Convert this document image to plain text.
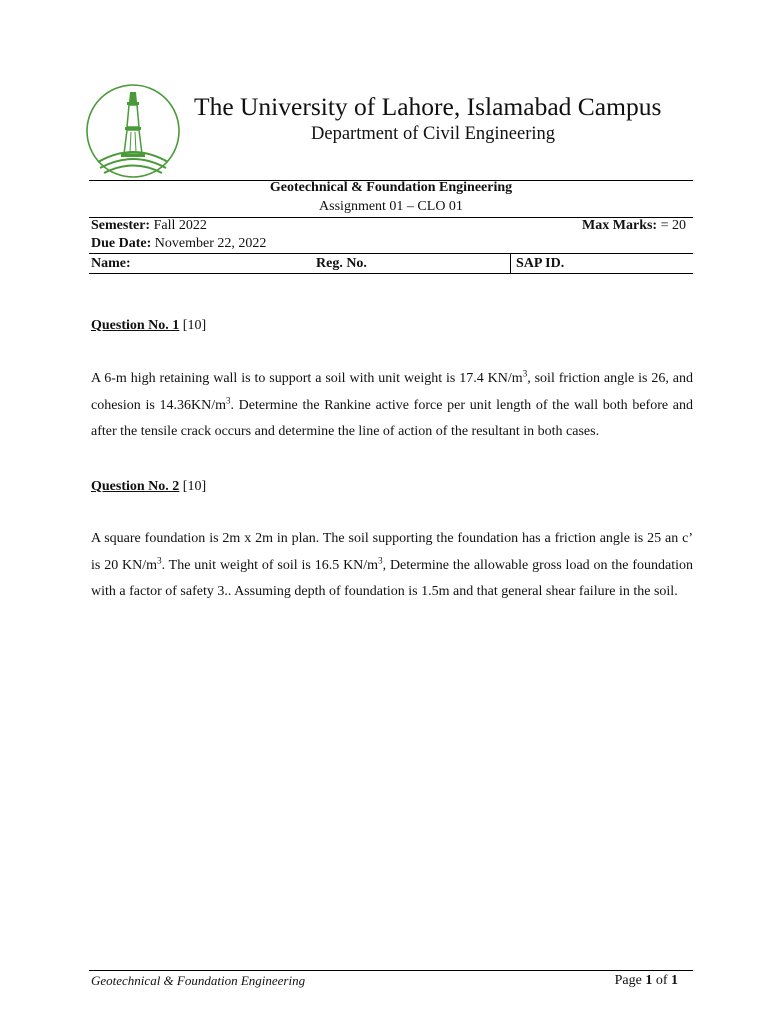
The University of Lahore, Islamabad Campus
Department of Civil Engineering
Geotechnical & Foundation Engineering
Assignment 01 – CLO 01
Semester: Fall 2022	Max Marks: = 20
Due Date: November 22, 2022
Name:	Reg. No.	SAP ID.
Question No. 1 [10]
A 6-m high retaining wall is to support a soil with unit weight is 17.4 $KN/m^3$, soil friction angle is 26, and cohesion is $14.36KN/m^3$. Determine the Rankine active force per unit length of the wall both before and after the tensile crack occurs and determine the line of action of the resultant in both cases.
Question No. 2 [10]
A square foundation is 2m x 2m in plan. The soil supporting the foundation has a friction angle is 25 an c’ is 20 $KN/m^3$. The unit weight of soil is 16.5 $KN/m^3$, Determine the allowable gross load on the foundation with a factor of safety 3.. Assuming depth of foundation is 1.5m and that general shear failure in the soil.
Geotechnical & Foundation Engineering	Page 1 of 1
